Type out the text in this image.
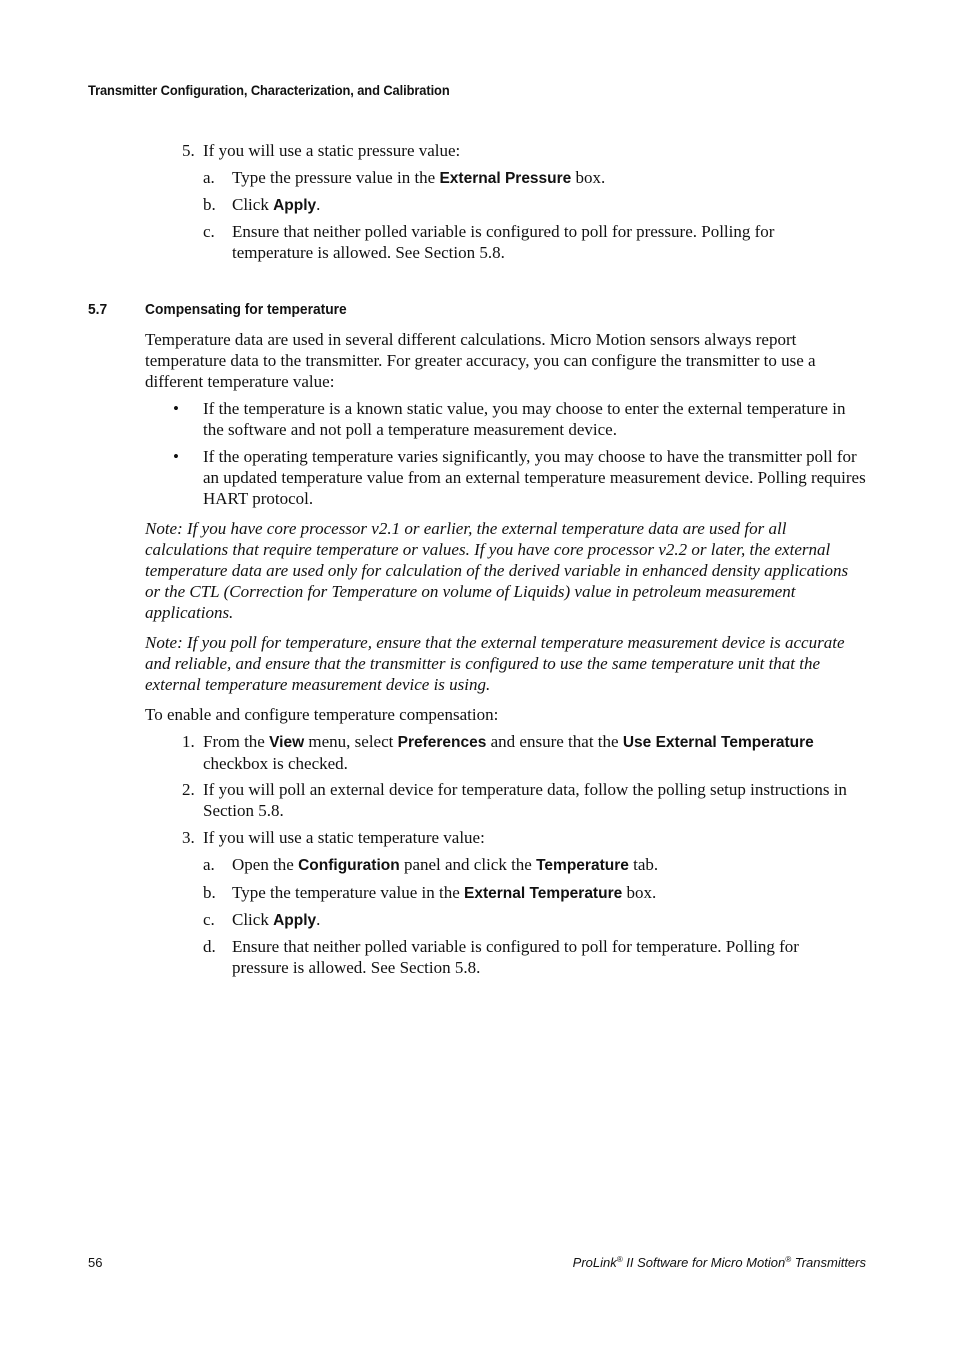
Transmitter Configuration, Characterization, and Calibration
5. If you will use a static pressure value:
a. Type the pressure value in the External Pressure box.
b. Click Apply.
c. Ensure that neither polled variable is configured to poll for pressure. Polling for temperature is allowed. See Section 5.8.
5.7	Compensating for temperature
Temperature data are used in several different calculations. Micro Motion sensors always report temperature data to the transmitter. For greater accuracy, you can configure the transmitter to use a different temperature value:
• If the temperature is a known static value, you may choose to enter the external temperature in the software and not poll a temperature measurement device.
• If the operating temperature varies significantly, you may choose to have the transmitter poll for an updated temperature value from an external temperature measurement device. Polling requires HART protocol.
Note: If you have core processor v2.1 or earlier, the external temperature data are used for all calculations that require temperature or values. If you have core processor v2.2 or later, the external temperature data are used only for calculation of the derived variable in enhanced density applications or the CTL (Correction for Temperature on volume of Liquids) value in petroleum measurement applications.
Note: If you poll for temperature, ensure that the external temperature measurement device is accurate and reliable, and ensure that the transmitter is configured to use the same temperature unit that the external temperature measurement device is using.
To enable and configure temperature compensation:
1. From the View menu, select Preferences and ensure that the Use External Temperature checkbox is checked.
2. If you will poll an external device for temperature data, follow the polling setup instructions in Section 5.8.
3. If you will use a static temperature value:
a. Open the Configuration panel and click the Temperature tab.
b. Type the temperature value in the External Temperature box.
c. Click Apply.
d. Ensure that neither polled variable is configured to poll for temperature. Polling for pressure is allowed. See Section 5.8.
56	ProLink® II Software for Micro Motion® Transmitters
